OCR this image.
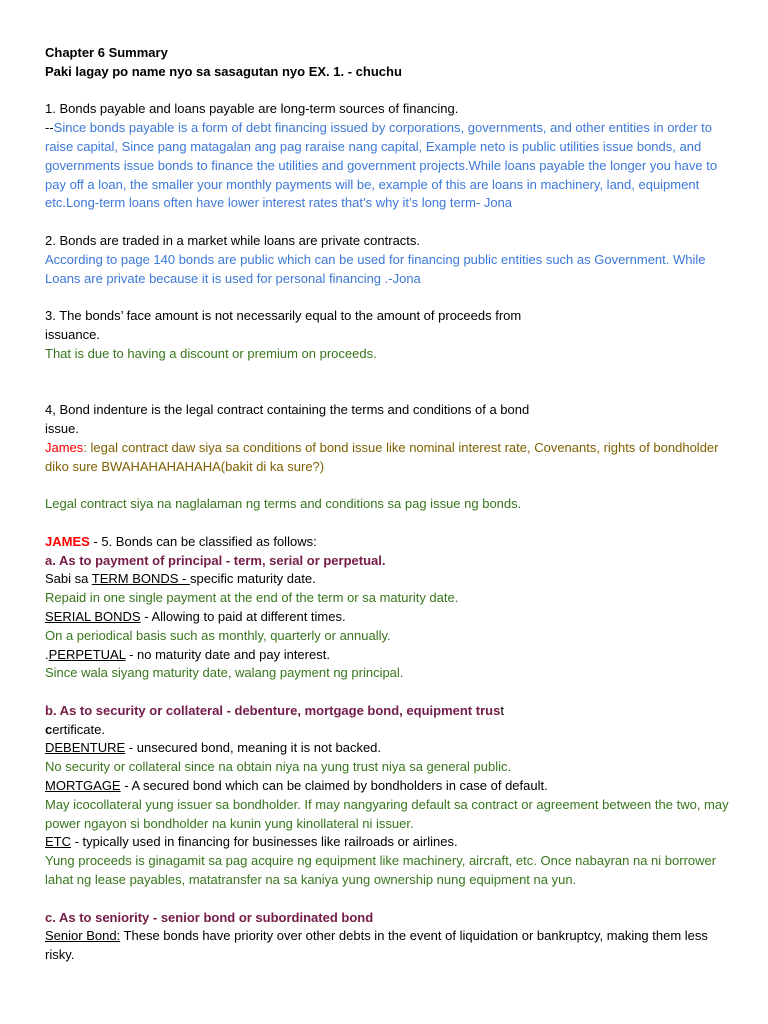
Chapter 6 Summary

Paki lagay po name nyo sa sasagutan nyo EX. 1. - chuchu

1. Bonds payable and loans payable are long-term sources of financing.

--Since bonds payable is a form of debt financing issued by corporations, governments, and other entities in order to raise capital, Since pang matagalan ang pag raraise nang capital, Example neto is public utilities issue bonds, and governments issue bonds to finance the utilities and government projects.While loans payable the longer you have to pay off a loan, the smaller your monthly payments will be, example of this are loans in machinery, land, equipment etc.Long-term loans often have lower interest rates that’s why it’s long term- Jona

2. Bonds are traded in a market while loans are private contracts.

According to page 140 bonds are public which can be used for financing public entities such as Government. While Loans are private because it is used for personal financing .-Jona

3. The bonds’ face amount is not necessarily equal to the amount of proceeds from

issuance.

That is due to having a discount or premium on proceeds.

4, Bond indenture is the legal contract containing the terms and conditions of a bond

issue.

James: legal contract daw siya sa conditions of bond issue like nominal interest rate, Covenants, rights of bondholder diko sure BWAHAHAHAHAHA(bakit di ka sure?)

Legal contract siya na naglalaman ng terms and conditions sa pag issue ng bonds.

JAMES - 5. Bonds can be classified as follows:

a. As to payment of principal - term, serial or perpetual.

Sabi sa TERM BONDS - specific maturity date.

Repaid in one single payment at the end of the term or sa maturity date.

SERIAL BONDS - Allowing to paid at different times.

On a periodical basis such as monthly, quarterly or annually.

.PERPETUAL - no maturity date and pay interest.

Since wala siyang maturity date, walang payment ng principal.

b. As to security or collateral - debenture, mortgage bond, equipment trust

certificate.

DEBENTURE - unsecured bond, meaning it is not backed.

No security or collateral since na obtain niya na yung trust niya sa general public.

MORTGAGE - A secured bond which can be claimed by bondholders in case of default.

May icocollateral yung issuer sa bondholder. If may nangyaring default sa contract or agreement between the two, may power ngayon si bondholder na kunin yung kinollateral ni issuer.

ETC - typically used in financing for businesses like railroads or airlines.

Yung proceeds is ginagamit sa pag acquire ng equipment like machinery, aircraft, etc. Once nabayran na ni borrower lahat ng lease payables, matatransfer na sa kaniya yung ownership nung equipment na yun.

c. As to seniority - senior bond or subordinated bond

Senior Bond: These bonds have priority over other debts in the event of liquidation or bankruptcy, making them less risky.
